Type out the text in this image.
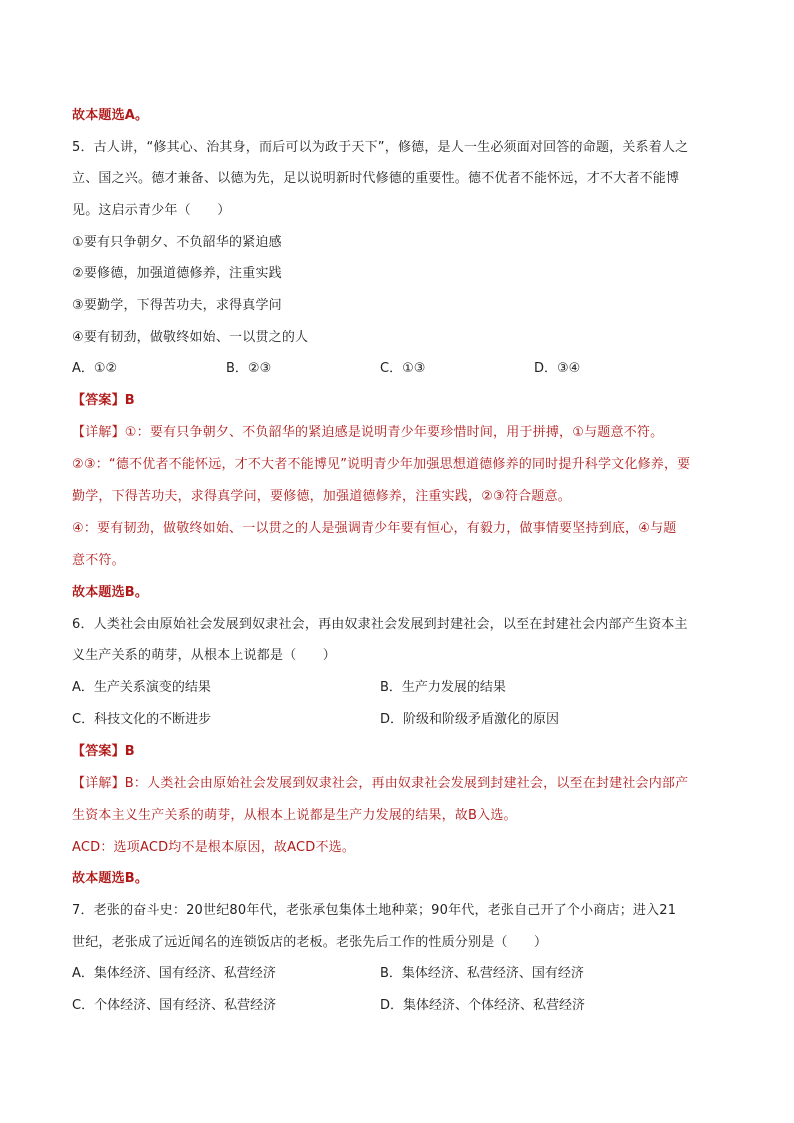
故本题选A。
5．古人讲，“修其心、治其身，而后可以为政于天下”，修德，是人一生必须面对回答的命题，关系着人之
立、国之兴。德才兼备、以德为先，足以说明新时代修德的重要性。德不优者不能怀远，才不大者不能博
见。这启示青少年（　　）
①要有只争朝夕、不负韶华的紧迫感
②要修德，加强道德修养，注重实践
③要勤学，下得苦功夫，求得真学问
④要有韧劲，做敬终如始、一以贯之的人
A．①②	B．②③	C．①③	D．③④
【答案】B
【详解】①：要有只争朝夕、不负韶华的紧迫感是说明青少年要珍惜时间，用于拼搏，①与题意不符。
②③：“德不优者不能怀远，才不大者不能博见”说明青少年加强思想道德修养的同时提升科学文化修养，要
勤学，下得苦功夫，求得真学问，要修德，加强道德修养，注重实践，②③符合题意。
④：要有韧劲，做敬终如始、一以贯之的人是强调青少年要有恒心，有毅力，做事情要坚持到底，④与题
意不符。
故本题选B。
6．人类社会由原始社会发展到奴隶社会，再由奴隶社会发展到封建社会，以至在封建社会内部产生资本主
义生产关系的萌芽，从根本上说都是（　　）
A．生产关系演变的结果	B．生产力发展的结果
C．科技文化的不断进步	D．阶级和阶级矛盾激化的原因
【答案】B
【详解】B：人类社会由原始社会发展到奴隶社会，再由奴隶社会发展到封建社会，以至在封建社会内部产
生资本主义生产关系的萌芽，从根本上说都是生产力发展的结果，故B入选。
ACD：选项ACD均不是根本原因，故ACD不选。
故本题选B。
7．老张的奋斗史：20世纪80年代，老张承包集体土地种菜；90年代，老张自己开了个小商店；进入21
世纪，老张成了远近闻名的连锁饭店的老板。老张先后工作的性质分别是（　　）
A．集体经济、国有经济、私营经济	B．集体经济、私营经济、国有经济
C．个体经济、国有经济、私营经济	D．集体经济、个体经济、私营经济
